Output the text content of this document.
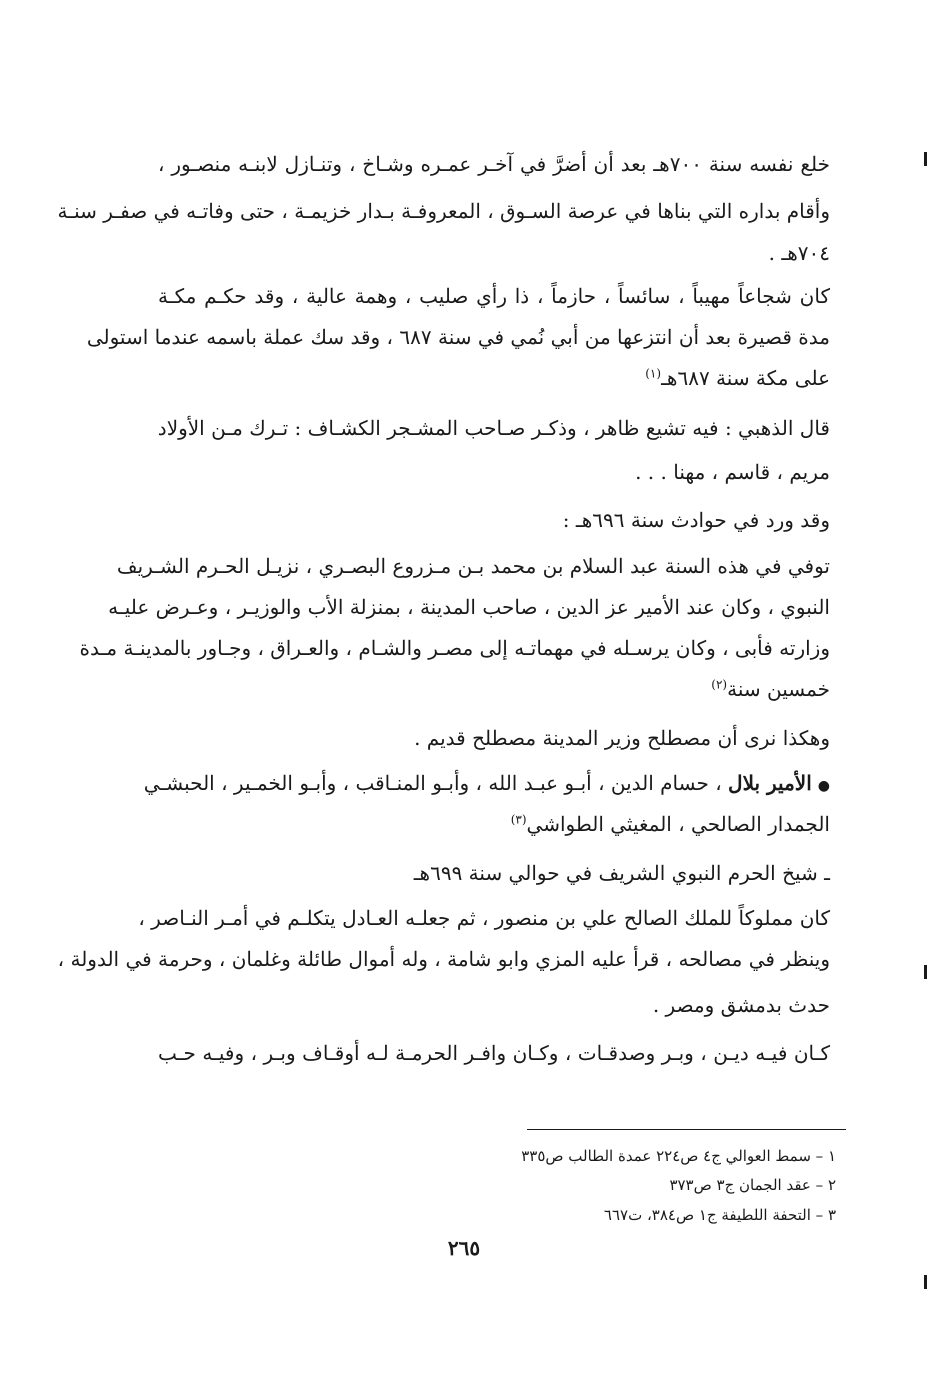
خلع نفسه سنة ٧٠٠هـ بعد أن أضرَّ في آخـر عمـره وشـاخ ، وتنـازل لابنـه منصـور ،
وأقام بداره التي بناها في عرصة السـوق ، المعروفـة بـدار خزيمـة ، حتى وفاتـه في صفـر سنـة
٧٠٤هـ .
كان شجاعاً مهيباً ، سائساً ، حازماً ، ذا رأي صليب ، وهمة عالية ، وقد حكـم مكـة
مدة قصيرة بعد أن انتزعها من أبي نُمي في سنة ٦٨٧ ، وقد سك عملة باسمه عندما استولى
على مكة سنة ٦٨٧هـ$^{(١)}$
قال الذهبي : فيه تشيع ظاهر ، وذكـر صـاحب المشـجر الكشـاف : تـرك مـن الأولاد
مريم ، قاسم ، مهنا . . .
وقد ورد في حوادث سنة ٦٩٦هـ :
توفي في هذه السنة عبد السلام بن محمد بـن مـزروع البصـري ، نزيـل الحـرم الشـريف
النبوي ، وكان عند الأمير عز الدين ، صاحب المدينة ، بمنزلة الأب والوزيـر ، وعـرض عليـه
وزارته فأبى ، وكان يرسـله في مهماتـه إلى مصـر والشـام ، والعـراق ، وجـاور بالمدينـة مـدة
خمسين سنة$^{(٢)}$
وهكذا نرى أن مصطلح وزير المدينة مصطلح قديم .
●الأمير بلال ، حسام الدين ، أبـو عبـد الله ، وأبـو المنـاقب ، وأبـو الخمـير ، الحبشـي
الجمدار الصالحي ، المغيثي الطواشي$^{(٣)}$
ـ شيخ الحرم النبوي الشريف في حوالي سنة ٦٩٩هـ
كان مملوكاً للملك الصالح علي بن منصور ، ثم جعلـه العـادل يتكلـم في أمـر النـاصر ،
وينظر في مصالحه ، قرأ عليه المزي وابو شامة ، وله أموال طائلة وغلمان ، وحرمة في الدولة ،
حدث بدمشق ومصر .
كـان فيـه ديـن ، وبـر وصدقـات ، وكـان وافـر الحرمـة لـه أوقـاف وبـر ، وفيـه حـب
١ – سمط العوالي ج٤ ص٢٢٤ عمدة الطالب ص٣٣٥
٢ – عقد الجمان ج٣ ص٣٧٣
٣ – التحفة اللطيفة ج١ ص٣٨٤، ت٦٦٧
٢٦٥
